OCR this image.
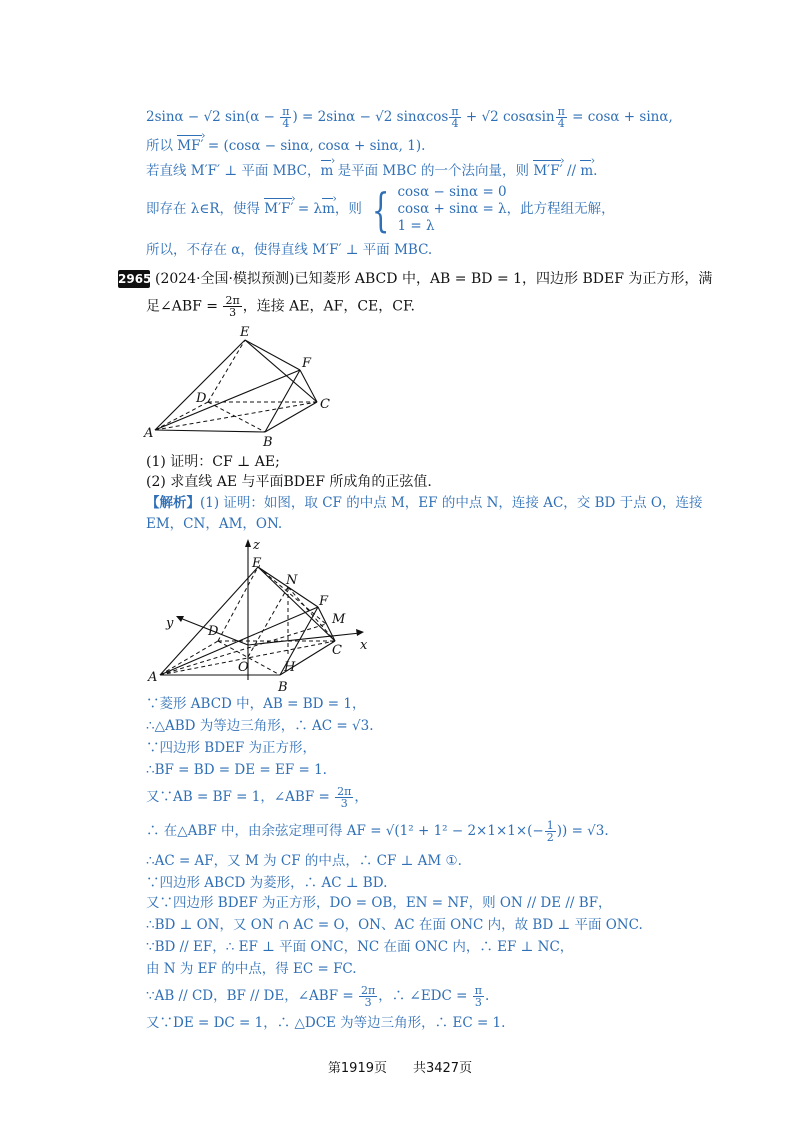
2sinα − √2 $\sin(\alpha - \frac{\pi}{4}$ ) = 2sinα − √2 sinαcos $\frac{\pi}{4} + √2$ cosαsin $\frac{\pi}{4} = \cos\alpha + \sin\alpha$,
所以 MF′ › = (cosα − sinα, cosα + sinα, 1).
若直线 M′F′ ⊥ 平面 MBC，m › 是平面 MBC 的一个法向量，则 M′F′ › // m ›.
即存在 λ∈R，使得 M′F′ › = λm ›，则 { cosα − sinα = 0
cosα + sinα = λ
1 = λ
，此方程组无解，
所以，不存在 α，使得直线 M′F′ ⊥ 平面 MBC.
2965 (2024·全国·模拟预测)已知菱形 ABCD 中，AB = BD = 1，四边形 BDEF 为正方形，满
足∠ABF = $\frac{2\pi}{3}$ ，连接 AE，AF，CE，CF.
E
F
D	C
A
B
(1) 证明：CF ⊥ AE;
(2) 求直线 AE 与平面BDEF 所成角的正弦值.
【解析】(1) 证明：如图，取 CF 的中点 M，EF 的中点 N，连接 AC，交 BD 于点 O，连接
EM，CN，AM，ON.
z
E
N
F
M
y
D
C x
O	H
A
B
∵菱形 ABCD 中，AB = BD = 1，
∴△ABD 为等边三角形，∴ AC = √3.
∵四边形 BDEF 为正方形，
∴BF = BD = DE = EF = 1.
又∵AB = BF = 1，∠ABF = $\frac{2\pi}{3}$ ，
∴ 在△ABF 中，由余弦定理可得 AF = $√(1^2 + 1^2 - 2\times 1\times 1\times(- \frac{1}{2}$ )) = √3.
∴AC = AF，又 M 为 CF 的中点，∴ CF ⊥ AM ①.
∵四边形 ABCD 为菱形，∴ AC ⊥ BD.
又∵四边形 BDEF 为正方形，DO = OB，EN = NF，则 ON // DE // BF，
∴BD ⊥ ON，又 ON ∩ AC = O，ON、AC 在面 ONC 内，故 BD ⊥ 平面 ONC.
∵BD // EF，∴ EF ⊥ 平面 ONC，NC 在面 ONC 内，∴ EF ⊥ NC，
由 N 为 EF 的中点，得 EC = FC.
∵AB // CD，BF // DE，∠ABF = $\frac{2\pi}{3}$ ，∴ ∠EDC = $\frac{\pi}{3}$ .
又∵DE = DC = 1，∴ △DCE 为等边三角形，∴ EC = 1.
第1919页　　共3427页
